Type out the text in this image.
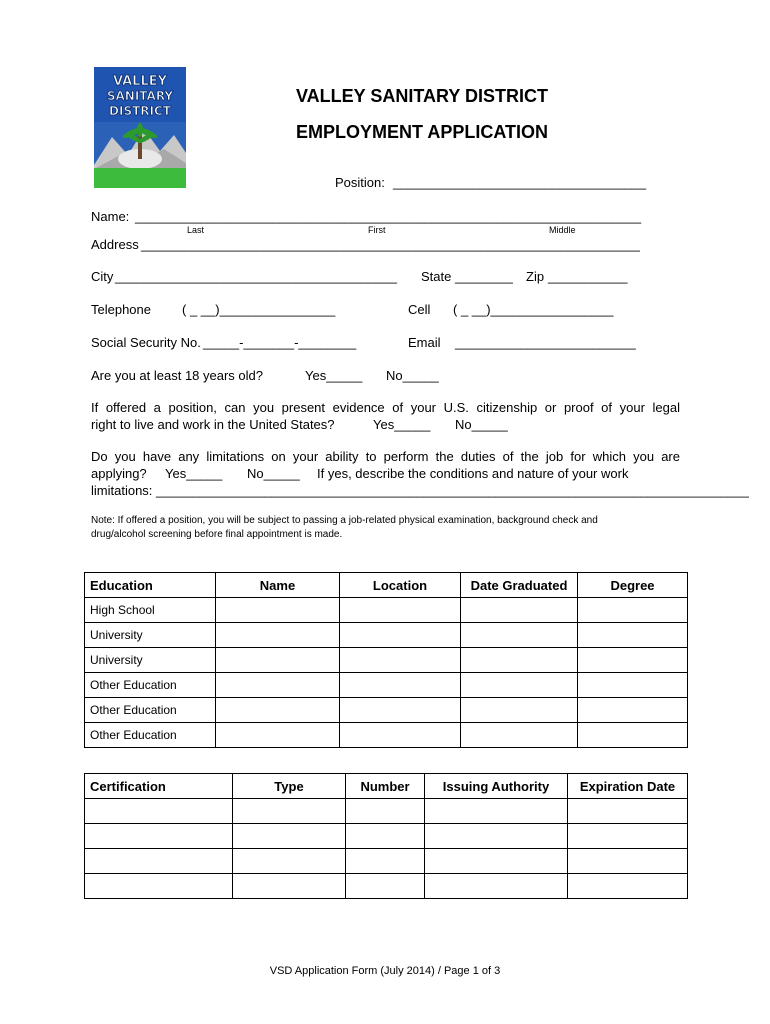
VALLEY
SANITARY
DISTRICT
VALLEY SANITARY DISTRICT
EMPLOYMENT APPLICATION
Position: ___________________________________
Name: ______________________________________________________________________
Last	First	Middle
Address _____________________________________________________________________
City _______________________________________ State ________ Zip ___________
Telephone ( _ __)________________	Cell ( _ __)_________________
Social Security No. _____-_______-________	Email _________________________
Are you at least 18 years old?	Yes_____ No_____
If offered a position, can you present evidence of your U.S. citizenship or proof of your legal
right to live and work in the United States?	Yes_____ No_____
Do you have any limitations on your ability to perform the duties of the job for which you are
applying? Yes_____ No_____ If yes, describe the conditions and nature of your work
limitations: __________________________________________________________________________________
Note: If offered a position, you will be subject to passing a job-related physical examination, background check and
drug/alcohol screening before final appointment is made.
Education	Name	Location	Date Graduated	Degree
High School				
University				
University				
Other Education				
Other Education				
Other Education				
Certification	Type	Number	Issuing Authority	Expiration Date

VSD Application Form (July 2014) / Page 1 of 3
